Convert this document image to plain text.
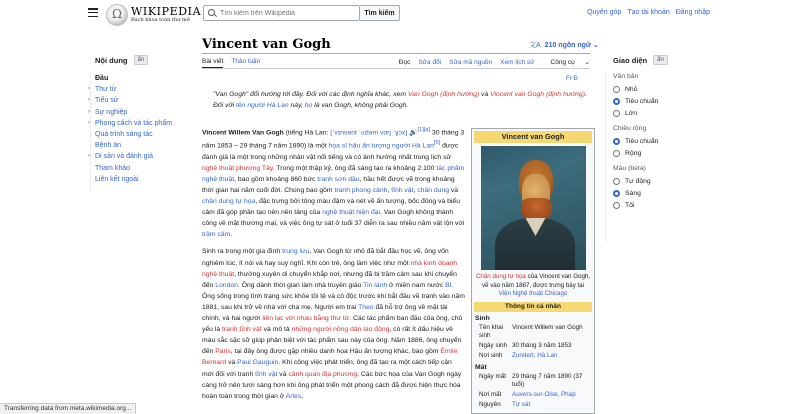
Ω
WIKIPEDIA
Bách khoa toàn thư mở
Tìm kiếm trên Wikipedia
Tìm kiếm	Quyên góp Tạo tài khoản Đăng nhập
Nội dung	ẩn
Đầu
› Thư từ
› Tiểu sử
› Sự nghiệp
› Phong cách và tác phẩm
Quá trình sáng tác
Bệnh án
› Di sản và đánh giá
Tham khảo
Liên kết ngoài
Vincent van Gogh	文A 210 ngôn ngữ ⌄
Bài viết Thảo luận	Đọc Sửa đổi Sửa mã nguồn Xem lịch sử Công cụ ⌄
Fr Đ
"Van Gogh" đổi hướng tới đây. Đối với các định nghĩa khác, xem Van Gogh (định hướng) và Vincent van Gogh (định hướng).
Đối với tên người Hà Lan này, họ là van Gogh, không phải Gogh.

Vincent Willem Van Gogh (tiếng Hà Lan: [ˈvɪnsənt ˈʋɪləm vɑŋ ˈɣɔx] 🔊[1][a] 30 tháng 3 năm 1853 – 29 tháng 7 năm 1890) là một họa sĩ hậu ấn tượng người Hà Lan[5] được đánh giá là một trong những nhân vật nổi tiếng và có ảnh hưởng nhất trong lịch sử nghệ thuật phương Tây. Trong một thập kỷ, ông đã sáng tạo ra khoảng 2.100 tác phẩm nghệ thuật, bao gồm khoảng 860 bức tranh sơn dầu, hầu hết được vẽ trong khoảng thời gian hai năm cuối đời. Chúng bao gồm tranh phong cảnh, tĩnh vật, chân dung và chân dung tự họa, đặc trưng bởi tông màu đậm và nét vẽ ấn tượng, bốc đồng và biểu cảm đã góp phần tạo nên nền tảng của nghệ thuật hiện đại. Van Gogh không thành công về mặt thương mại, và việc ông tự sát ở tuổi 37 diễn ra sau nhiều năm vật lộn với trầm cảm.

Sinh ra trong một gia đình trung lưu, Van Gogh từ nhỏ đã bắt đầu học vẽ, ông vốn nghiêm túc, ít nói và hay suy nghĩ. Khi còn trẻ, ông làm việc như một nhà kinh doanh nghệ thuật, thường xuyên di chuyển khắp nơi, nhưng đã bị trầm cảm sau khi chuyển đến London. Ông dành thời gian làm nhà truyền giáo Tin lành ở miền nam nước Bỉ. Ông sống trong tình trạng sức khỏe tồi tệ và cô độc trước khi bắt đầu vẽ tranh vào năm 1881, sau khi trở về nhà với cha mẹ. Người em trai Theo đã hỗ trợ ông về mặt tài chính, và hai người liên lạc với nhau bằng thư từ. Các tác phẩm ban đầu của ông, chủ yếu là tranh tĩnh vật và mô tả những người nông dân lao động, có rất ít dấu hiệu về màu sắc sặc sỡ giúp phân biệt với tác phẩm sau này của ông. Năm 1886, ông chuyển đến Paris, tại đây ông được gặp nhiều danh họa Hậu ấn tượng khác, bao gồm Émile Bernard và Paul Gauguin. Khi công việc phát triển, ông đã tạo ra một cách tiếp cận mới đối với tranh tĩnh vật và cảnh quan địa phương. Các bức họa của Van Gogh ngày càng trở nên tươi sáng hơn khi ông phát triển một phong cách đã được hiện thực hóa hoàn toàn trong thời gian ở Arles,

Vincent van Gogh
Chân dung tự họa của Vincent van Gogh, vẽ vào năm 1887, được trưng bày tại
Viện Nghệ thuật Chicago
Thông tin cá nhân
Sinh
Tên khai sinh
Vincent Willem van Gogh
Ngày sinh 30 tháng 3 năm 1853
Nơi sinh	Zundert, Hà Lan
Mất
Ngày mất 29 tháng 7 năm 1890 (37 tuổi)
Nơi mất	Auvers-sur-Oise, Pháp
Nguyên	Tự sát
Giao diện	ẩn
Văn bản
Nhỏ
Tiêu chuẩn
Lớn
Chiều rộng
Tiêu chuẩn
Rộng
Màu (beta)
Tự động
Sáng
Tối
Transferring data from meta.wikimedia.org...
